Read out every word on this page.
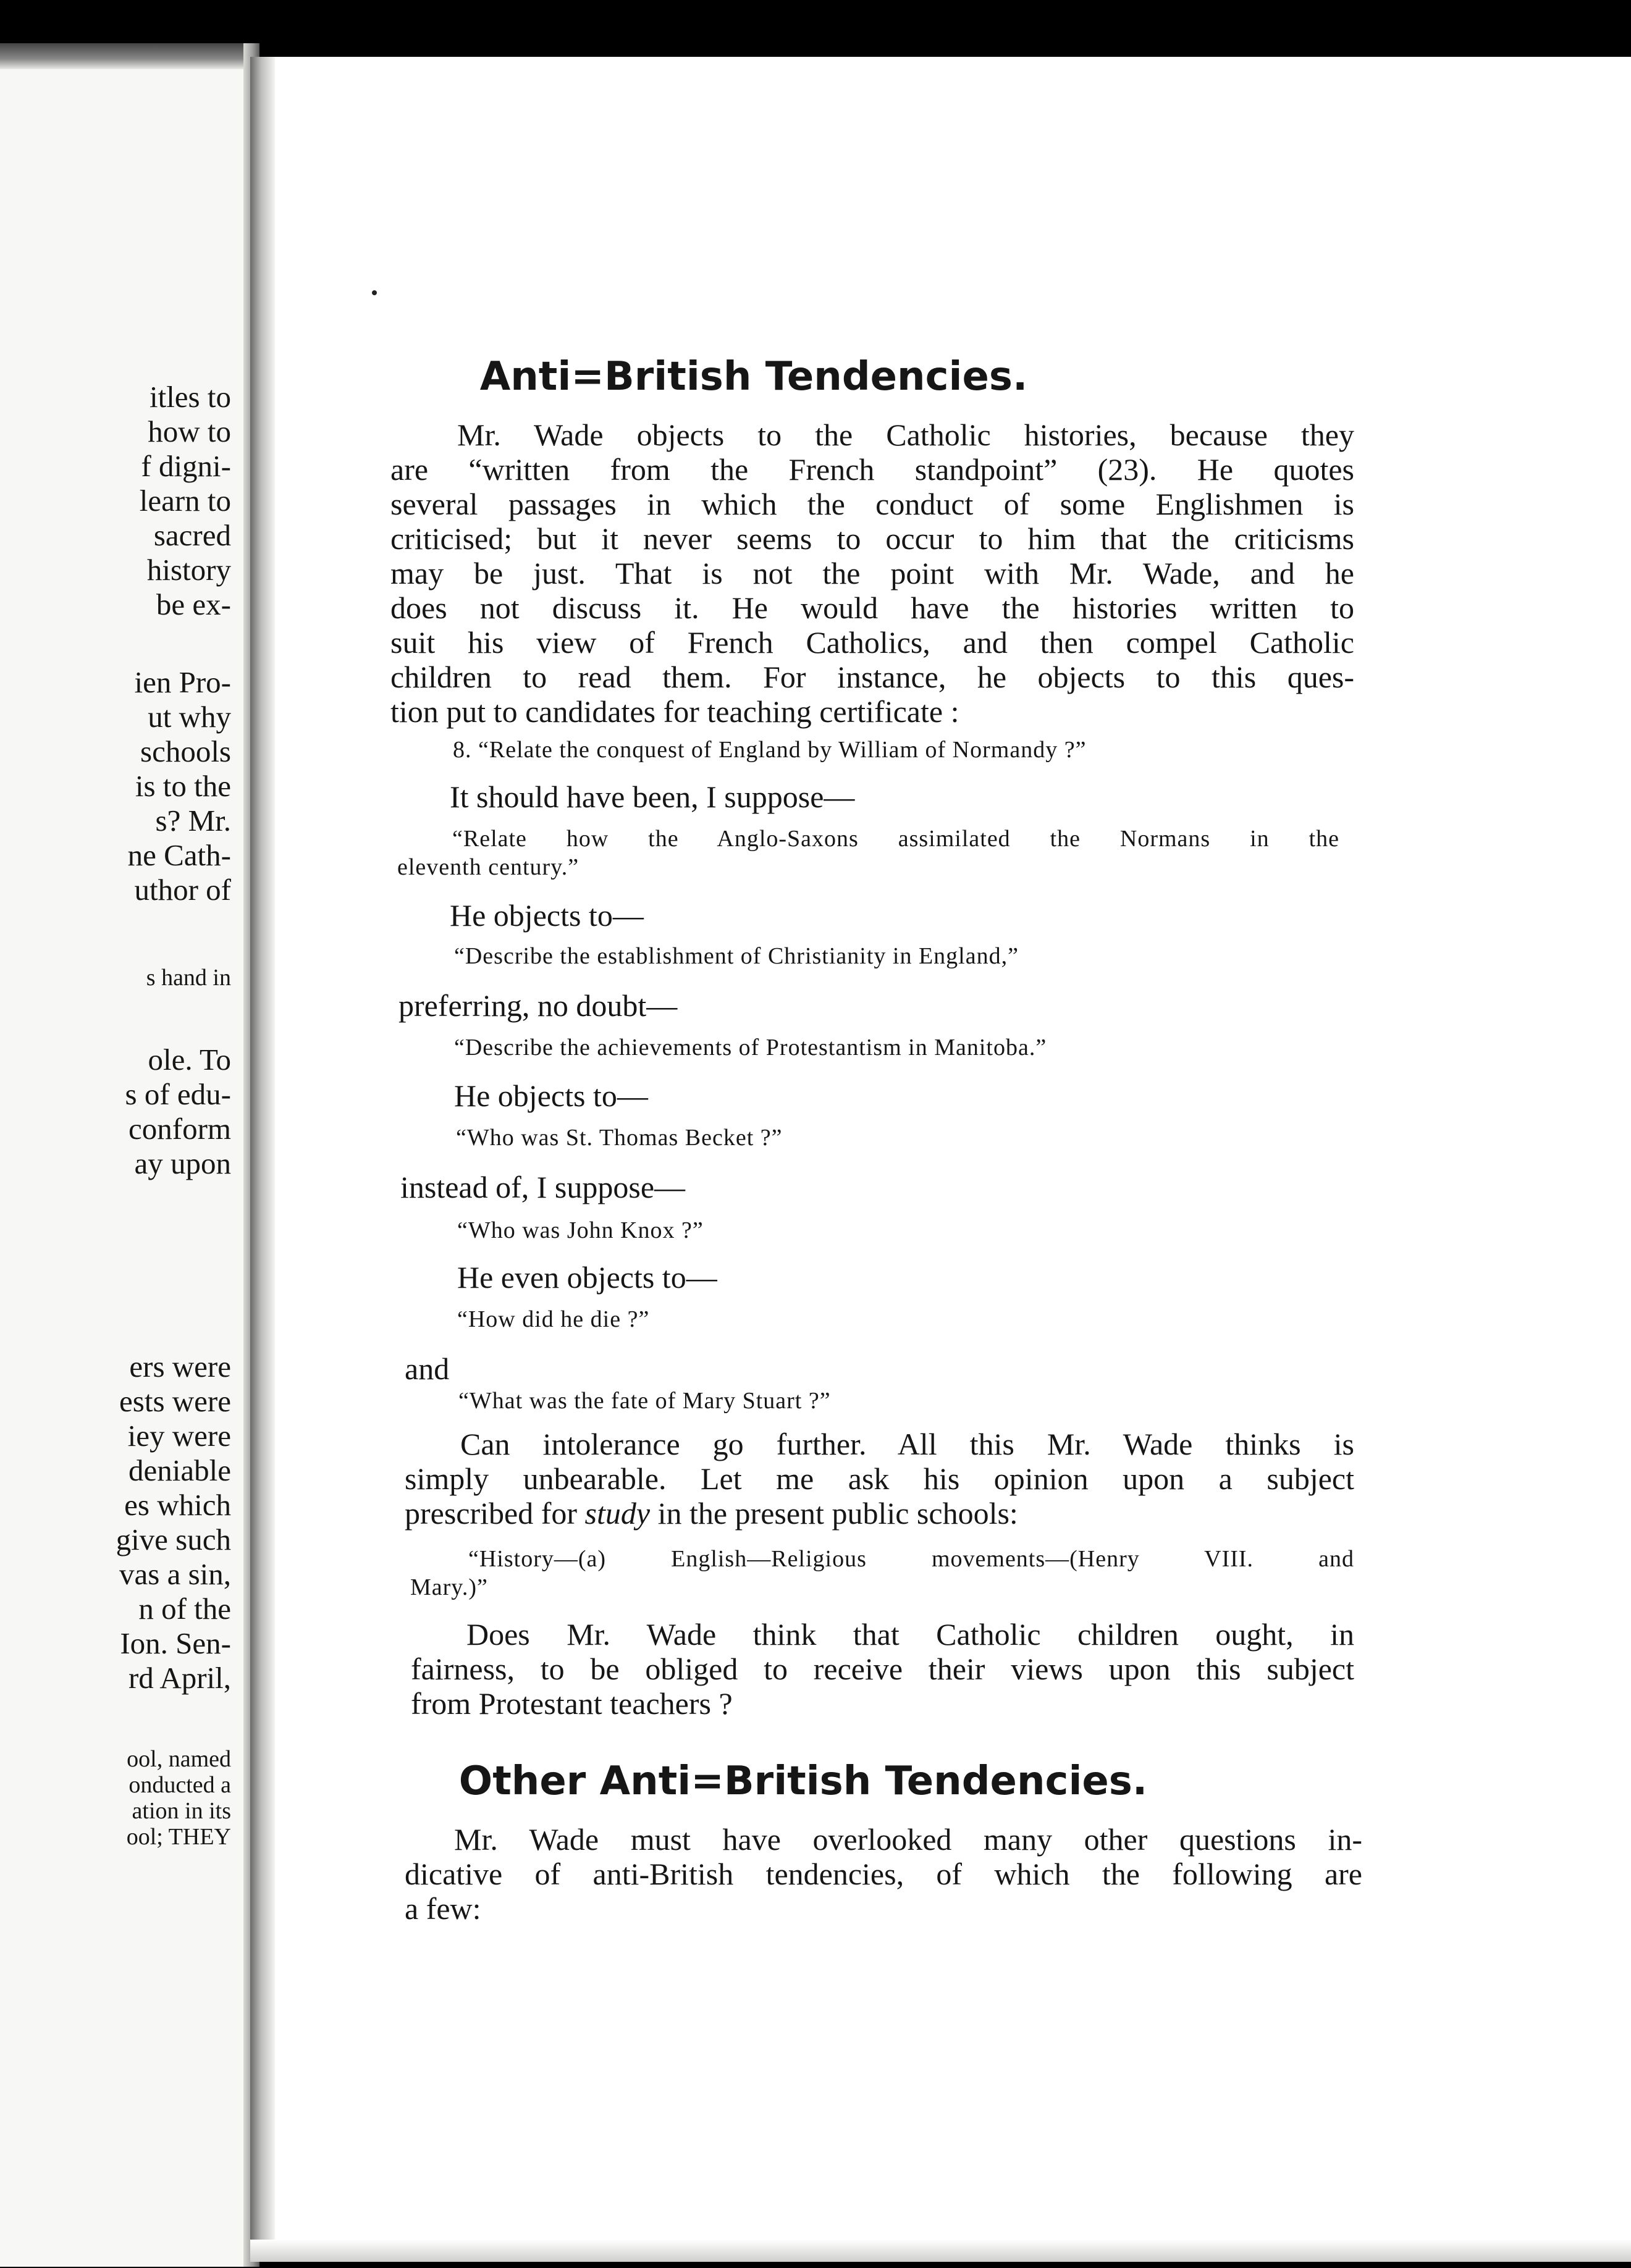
itles to
how to
f digni-
learn to
sacred
history
be ex-
ien Pro-
ut why
schools
is to the
s? Mr.
ne Cath-
uthor of
s hand in
ole. To
s of edu-
conform
ay upon
ers were
ests were
iey were
deniable
es which
give such
vas a sin,
n of the
Ion. Sen-
rd April,
ool, named
onducted a
ation in its
ool; THEY
Anti=British Tendencies.
Mr. Wade objects to the Catholic histories, because they
are “written from the French standpoint” (23). He quotes
several passages in which the conduct of some Englishmen is
criticised; but it never seems to occur to him that the criticisms
may be just. That is not the point with Mr. Wade, and he
does not discuss it. He would have the histories written to
suit his view of French Catholics, and then compel Catholic
children to read them. For instance, he objects to this ques-
tion put to candidates for teaching certificate :
8. “Relate the conquest of England by William of Normandy ?”
It should have been, I suppose—
“Relate how the Anglo-Saxons assimilated the Normans in the
eleventh century.”
He objects to—
“Describe the establishment of Christianity in England,”
preferring, no doubt—
“Describe the achievements of Protestantism in Manitoba.”
He objects to—
“Who was St. Thomas Becket ?”
instead of, I suppose—
“Who was John Knox ?”
He even objects to—
“How did he die ?”
and
“What was the fate of Mary Stuart ?”
Can intolerance go further. All this Mr. Wade thinks is
simply unbearable. Let me ask his opinion upon a subject
prescribed for study in the present public schools:
“History—(a) English—Religious movements—(Henry VIII. and
Mary.)”
Does Mr. Wade think that Catholic children ought, in
fairness, to be obliged to receive their views upon this subject
from Protestant teachers ?
Other Anti=British Tendencies.
Mr. Wade must have overlooked many other questions in-
dicative of anti-British tendencies, of which the following are
a few:
